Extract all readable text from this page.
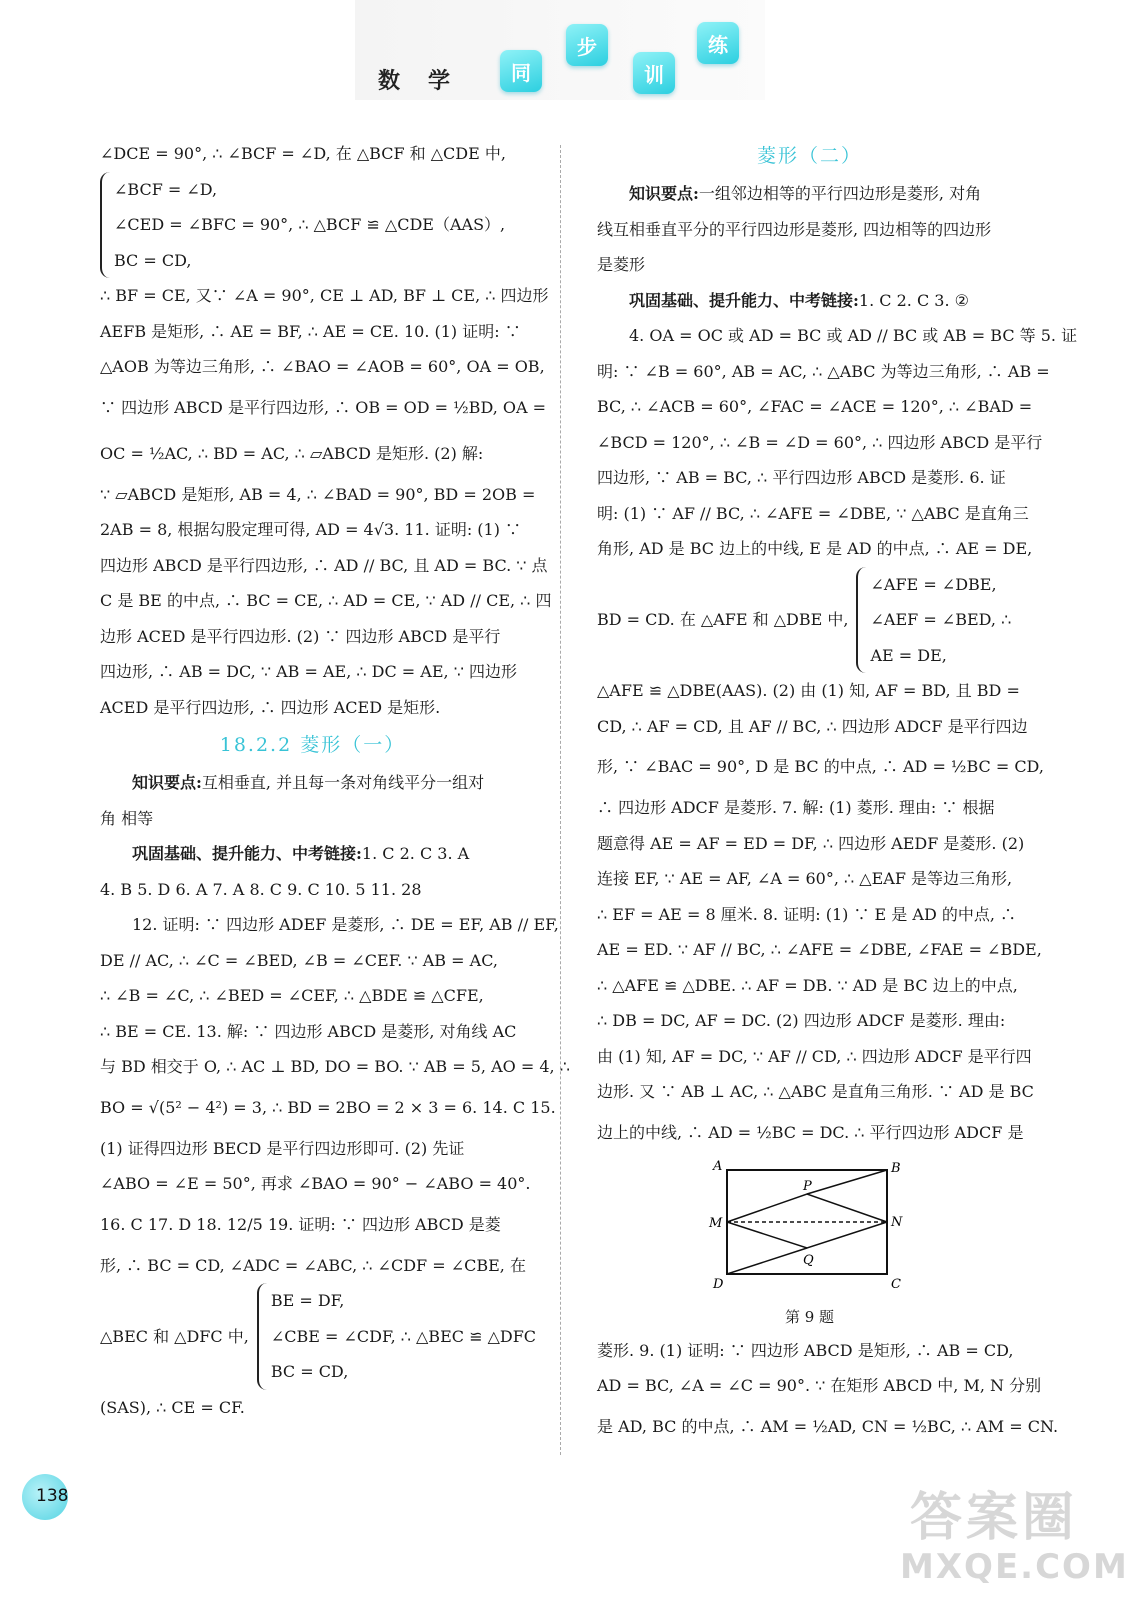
数学	同
步
训
练
∠DCE = 90°, ∴ ∠BCF = ∠D, 在 △BCF 和 △CDE 中,
∠BCF = ∠D,
∠CED = ∠BFC = 90°, ∴ △BCF ≌ △CDE（AAS）,
BC = CD,
∴ BF = CE, 又∵ ∠A = 90°, CE ⊥ AD, BF ⊥ CE, ∴ 四边形
AEFB 是矩形, ∴ AE = BF, ∴ AE = CE. 10. (1) 证明: ∵
△AOB 为等边三角形, ∴ ∠BAO = ∠AOB = 60°, OA = OB,
∵ 四边形 ABCD 是平行四边形, ∴ OB = OD = ½BD, OA =
OC = ½AC, ∴ BD = AC, ∴ ▱ABCD 是矩形. (2) 解:
∵ ▱ABCD 是矩形, AB = 4, ∴ ∠BAD = 90°, BD = 2OB =
2AB = 8, 根据勾股定理可得, AD = 4√3. 11. 证明: (1) ∵
四边形 ABCD 是平行四边形, ∴ AD // BC, 且 AD = BC. ∵ 点
C 是 BE 的中点, ∴ BC = CE, ∴ AD = CE, ∵ AD // CE, ∴ 四
边形 ACED 是平行四边形. (2) ∵ 四边形 ABCD 是平行
四边形, ∴ AB = DC, ∵ AB = AE, ∴ DC = AE, ∵ 四边形
ACED 是平行四边形, ∴ 四边形 ACED 是矩形.
18.2.2 菱形（一）
知识要点:互相垂直, 并且每一条对角线平分一组对
角 相等
巩固基础、提升能力、中考链接:1. C 2. C 3. A
4. B 5. D 6. A 7. A 8. C 9. C 10. 5 11. 28
12. 证明: ∵ 四边形 ADEF 是菱形, ∴ DE = EF, AB // EF,
DE // AC, ∴ ∠C = ∠BED, ∠B = ∠CEF. ∵ AB = AC,
∴ ∠B = ∠C, ∴ ∠BED = ∠CEF, ∴ △BDE ≌ △CFE,
∴ BE = CE. 13. 解: ∵ 四边形 ABCD 是菱形, 对角线 AC
与 BD 相交于 O, ∴ AC ⊥ BD, DO = BO. ∵ AB = 5, AO = 4, ∴
BO = √(5² − 4²) = 3, ∴ BD = 2BO = 2 × 3 = 6. 14. C 15.
(1) 证得四边形 BECD 是平行四边形即可. (2) 先证
∠ABO = ∠E = 50°, 再求 ∠BAO = 90° − ∠ABO = 40°.
16. C 17. D 18. 12/5 19. 证明: ∵ 四边形 ABCD 是菱
形, ∴ BC = CD, ∠ADC = ∠ABC, ∴ ∠CDF = ∠CBE, 在
△BEC 和 △DFC 中,
BE = DF,
∠CBE = ∠CDF, ∴ △BEC ≌ △DFC
BC = CD,
(SAS), ∴ CE = CF.
菱形（二）
知识要点:一组邻边相等的平行四边形是菱形, 对角
线互相垂直平分的平行四边形是菱形, 四边相等的四边形
是菱形
巩固基础、提升能力、中考链接:1. C 2. C 3. ②
4. OA = OC 或 AD = BC 或 AD // BC 或 AB = BC 等 5. 证
明: ∵ ∠B = 60°, AB = AC, ∴ △ABC 为等边三角形, ∴ AB =
BC, ∴ ∠ACB = 60°, ∠FAC = ∠ACE = 120°, ∴ ∠BAD =
∠BCD = 120°, ∴ ∠B = ∠D = 60°, ∴ 四边形 ABCD 是平行
四边形, ∵ AB = BC, ∴ 平行四边形 ABCD 是菱形. 6. 证
明: (1) ∵ AF // BC, ∴ ∠AFE = ∠DBE, ∵ △ABC 是直角三
角形, AD 是 BC 边上的中线, E 是 AD 的中点, ∴ AE = DE,
BD = CD. 在 △AFE 和 △DBE 中,
∠AFE = ∠DBE,
∠AEF = ∠BED, ∴
AE = DE,
△AFE ≌ △DBE(AAS). (2) 由 (1) 知, AF = BD, 且 BD =
CD, ∴ AF = CD, 且 AF // BC, ∴ 四边形 ADCF 是平行四边
形, ∵ ∠BAC = 90°, D 是 BC 的中点, ∴ AD = ½BC = CD,
∴ 四边形 ADCF 是菱形. 7. 解: (1) 菱形. 理由: ∵ 根据
题意得 AE = AF = ED = DF, ∴ 四边形 AEDF 是菱形. (2)
连接 EF, ∵ AE = AF, ∠A = 60°, ∴ △EAF 是等边三角形,
∴ EF = AE = 8 厘米. 8. 证明: (1) ∵ E 是 AD 的中点, ∴
AE = ED. ∵ AF // BC, ∴ ∠AFE = ∠DBE, ∠FAE = ∠BDE,
∴ △AFE ≌ △DBE. ∴ AF = DB. ∵ AD 是 BC 边上的中点,
∴ DB = DC, AF = DC. (2) 四边形 ADCF 是菱形. 理由:
由 (1) 知, AF = DC, ∵ AF // CD, ∴ 四边形 ADCF 是平行四
边形. 又 ∵ AB ⊥ AC, ∴ △ABC 是直角三角形. ∵ AD 是 BC
边上的中线, ∴ AD = ½BC = DC. ∴ 平行四边形 ADCF 是
A	B
C
D
M	N
P
Q
第 9 题
菱形. 9. (1) 证明: ∵ 四边形 ABCD 是矩形, ∴ AB = CD,
AD = BC, ∠A = ∠C = 90°. ∵ 在矩形 ABCD 中, M, N 分别
是 AD, BC 的中点, ∴ AM = ½AD, CN = ½BC, ∴ AM = CN.
138	答案圈
MXQE.COM
